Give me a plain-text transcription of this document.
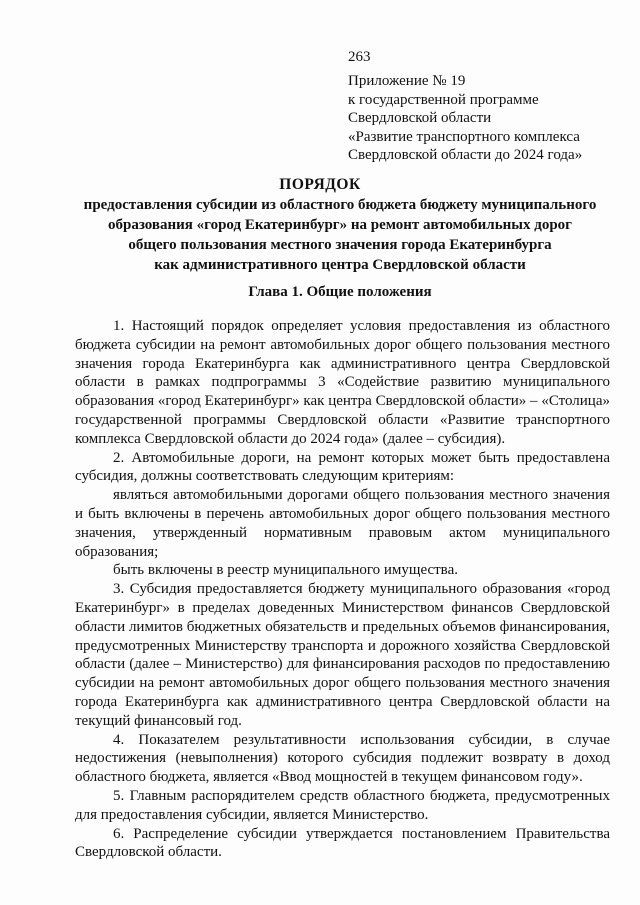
263
Приложение № 19
к государственной программе
Свердловской области
«Развитие транспортного комплекса
Свердловской области до 2024 года»
ПОРЯДОК
предоставления субсидии из областного бюджета бюджету муниципального
образования «город Екатеринбург» на ремонт автомобильных дорог
общего пользования местного значения города Екатеринбурга
как административного центра Свердловской области
Глава 1. Общие положения

1. Настоящий порядок определяет условия предоставления из областного бюджета субсидии на ремонт автомобильных дорог общего пользования местного значения города Екатеринбурга как административного центра Свердловской области в рамках подпрограммы 3 «Содействие развитию муниципального образования «город Екатеринбург» как центра Свердловской области» – «Столица» государственной программы Свердловской области «Развитие транспортного комплекса Свердловской области до 2024 года» (далее – субсидия).

2. Автомобильные дороги, на ремонт которых может быть предоставлена субсидия, должны соответствовать следующим критериям:

являться автомобильными дорогами общего пользования местного значения и быть включены в перечень автомобильных дорог общего пользования местного значения, утвержденный нормативным правовым актом муниципального образования;

быть включены в реестр муниципального имущества.

3. Субсидия предоставляется бюджету муниципального образования «город Екатеринбург» в пределах доведенных Министерством финансов Свердловской области лимитов бюджетных обязательств и предельных объемов финансирования, предусмотренных Министерству транспорта и дорожного хозяйства Свердловской области (далее – Министерство) для финансирования расходов по предоставлению субсидии на ремонт автомобильных дорог общего пользования местного значения города Екатеринбурга как административного центра Свердловской области на текущий финансовый год.

4. Показателем результативности использования субсидии, в случае недостижения (невыполнения) которого субсидия подлежит возврату в доход областного бюджета, является «Ввод мощностей в текущем финансовом году».

5. Главным распорядителем средств областного бюджета, предусмотренных для предоставления субсидии, является Министерство.

6. Распределение субсидии утверждается постановлением Правительства Свердловской области.
